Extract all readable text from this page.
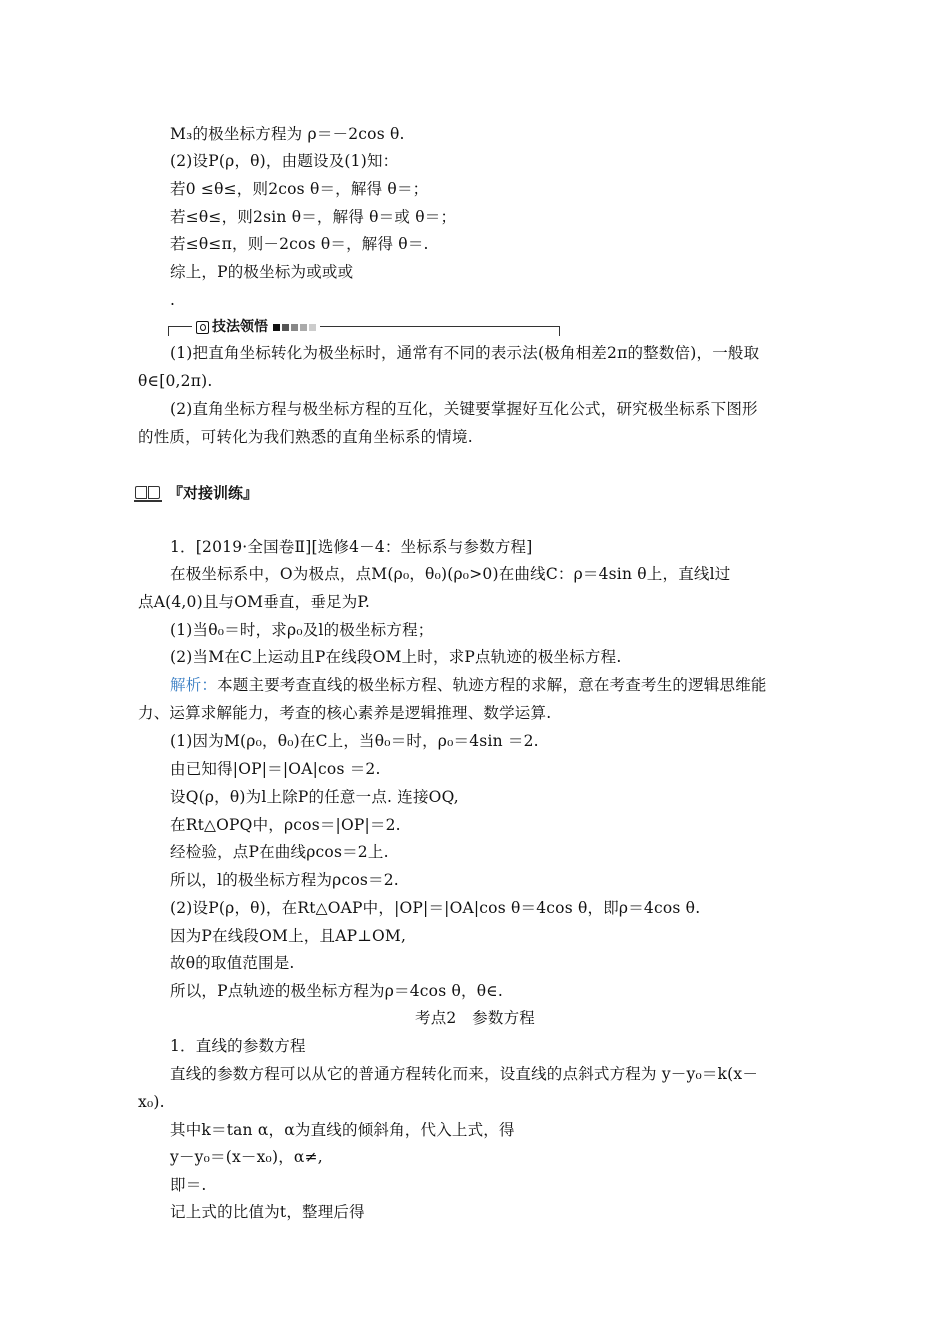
M₃的极坐标方程为 ρ＝－2cos θ.
(2)设P(ρ，θ)，由题设及(1)知：
若0 ≤θ≤，则2cos θ＝，解得 θ＝；
若≤θ≤，则2sin θ＝，解得 θ＝或 θ＝；
若≤θ≤π，则－2cos θ＝，解得 θ＝.
综上，P的极坐标为或或或
.
技法领悟
(1)把直角坐标转化为极坐标时，通常有不同的表示法(极角相差2π的整数倍)，一般取
θ∈[0,2π).
(2)直角坐标方程与极坐标方程的互化，关键要掌握好互化公式，研究极坐标系下图形
的性质，可转化为我们熟悉的直角坐标系的情境.
『对接训练』
1．[2019·全国卷Ⅱ][选修4－4：坐标系与参数方程]
在极坐标系中，O为极点，点M(ρ₀，θ₀)(ρ₀>0)在曲线C：ρ＝4sin θ上，直线l过
点A(4,0)且与OM垂直，垂足为P.
(1)当θ₀＝时，求ρ₀及l的极坐标方程；
(2)当M在C上运动且P在线段OM上时，求P点轨迹的极坐标方程.
解析：本题主要考查直线的极坐标方程、轨迹方程的求解，意在考查考生的逻辑思维能
力、运算求解能力，考查的核心素养是逻辑推理、数学运算.
(1)因为M(ρ₀，θ₀)在C上，当θ₀＝时，ρ₀＝4sin ＝2.
由已知得|OP|＝|OA|cos ＝2.
设Q(ρ，θ)为l上除P的任意一点. 连接OQ,
在Rt△OPQ中，ρcos＝|OP|＝2.
经检验，点P在曲线ρcos＝2上.
所以，l的极坐标方程为ρcos＝2.
(2)设P(ρ，θ)，在Rt△OAP中，|OP|＝|OA|cos θ＝4cos θ，即ρ＝4cos θ.
因为P在线段OM上，且AP⊥OM,
故θ的取值范围是.
所以，P点轨迹的极坐标方程为ρ＝4cos θ，θ∈.
考点2　参数方程
1．直线的参数方程
直线的参数方程可以从它的普通方程转化而来，设直线的点斜式方程为 y－y₀＝k(x－
x₀).
其中k＝tan α，α为直线的倾斜角，代入上式，得
y－y₀＝(x－x₀)，α≠,
即＝.
记上式的比值为t，整理后得
